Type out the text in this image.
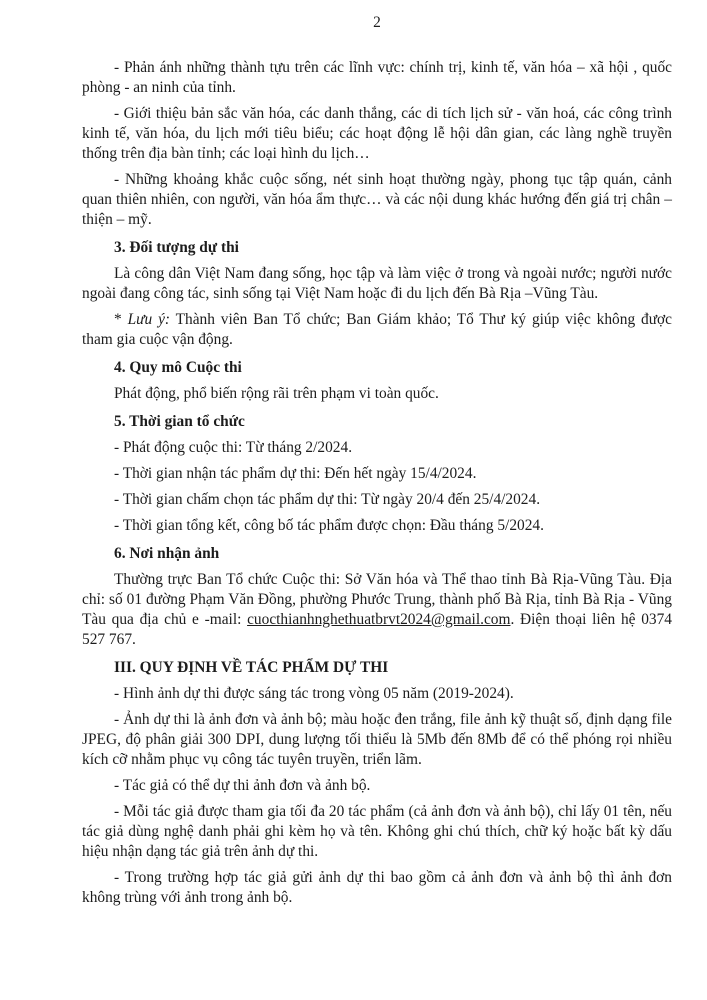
2

- Phản ánh những thành tựu trên các lĩnh vực: chính trị, kinh tế, văn hóa – xã hội , quốc phòng - an ninh của tỉnh.

- Giới thiệu bản sắc văn hóa, các danh thắng, các di tích lịch sử - văn hoá, các công trình kinh tế, văn hóa, du lịch mới tiêu biểu; các hoạt động lễ hội dân gian, các làng nghề truyền thống trên địa bàn tỉnh; các loại hình du lịch…

- Những khoảng khắc cuộc sống, nét sinh hoạt thường ngày, phong tục tập quán, cảnh quan thiên nhiên, con người, văn hóa ẩm thực… và các nội dung khác hướng đến giá trị chân – thiện – mỹ.

3. Đối tượng dự thi

Là công dân Việt Nam đang sống, học tập và làm việc ở trong và ngoài nước; người nước ngoài đang công tác, sinh sống tại Việt Nam hoặc đi du lịch đến Bà Rịa –Vũng Tàu.

* Lưu ý: Thành viên Ban Tổ chức; Ban Giám khảo; Tổ Thư ký giúp việc không được tham gia cuộc vận động.

4. Quy mô Cuộc thi

Phát động, phổ biến rộng rãi trên phạm vi toàn quốc.

5. Thời gian tổ chức

- Phát động cuộc thi: Từ tháng 2/2024.

- Thời gian nhận tác phẩm dự thi: Đến hết ngày 15/4/2024.

- Thời gian chấm chọn tác phẩm dự thi: Từ ngày 20/4 đến 25/4/2024.

- Thời gian tổng kết, công bố tác phẩm được chọn: Đầu tháng 5/2024.

6. Nơi nhận ảnh

Thường trực Ban Tổ chức Cuộc thi: Sở Văn hóa và Thể thao tỉnh Bà Rịa-Vũng Tàu. Địa chỉ: số 01 đường Phạm Văn Đồng, phường Phước Trung, thành phố Bà Rịa, tỉnh Bà Rịa - Vũng Tàu qua địa chủ e -mail: cuocthianhnghethuatbrvt2024@gmail.com. Điện thoại liên hệ 0374 527 767.

III. QUY ĐỊNH VỀ TÁC PHẨM DỰ THI

- Hình ảnh dự thi được sáng tác trong vòng 05 năm (2019-2024).

- Ảnh dự thi là ảnh đơn và ảnh bộ; màu hoặc đen trắng, file ảnh kỹ thuật số, định dạng file JPEG, độ phân giải 300 DPI, dung lượng tối thiểu là 5Mb đến 8Mb để có thể phóng rọi nhiều kích cỡ nhằm phục vụ công tác tuyên truyền, triển lãm.

- Tác giả có thể dự thi ảnh đơn và ảnh bộ.

- Mỗi tác giả được tham gia tối đa 20 tác phẩm (cả ảnh đơn và ảnh bộ), chỉ lấy 01 tên, nếu tác giả dùng nghệ danh phải ghi kèm họ và tên. Không ghi chú thích, chữ ký hoặc bất kỳ dấu hiệu nhận dạng tác giả trên ảnh dự thi.

- Trong trường hợp tác giả gửi ảnh dự thi bao gồm cả ảnh đơn và ảnh bộ thì ảnh đơn không trùng với ảnh trong ảnh bộ.
